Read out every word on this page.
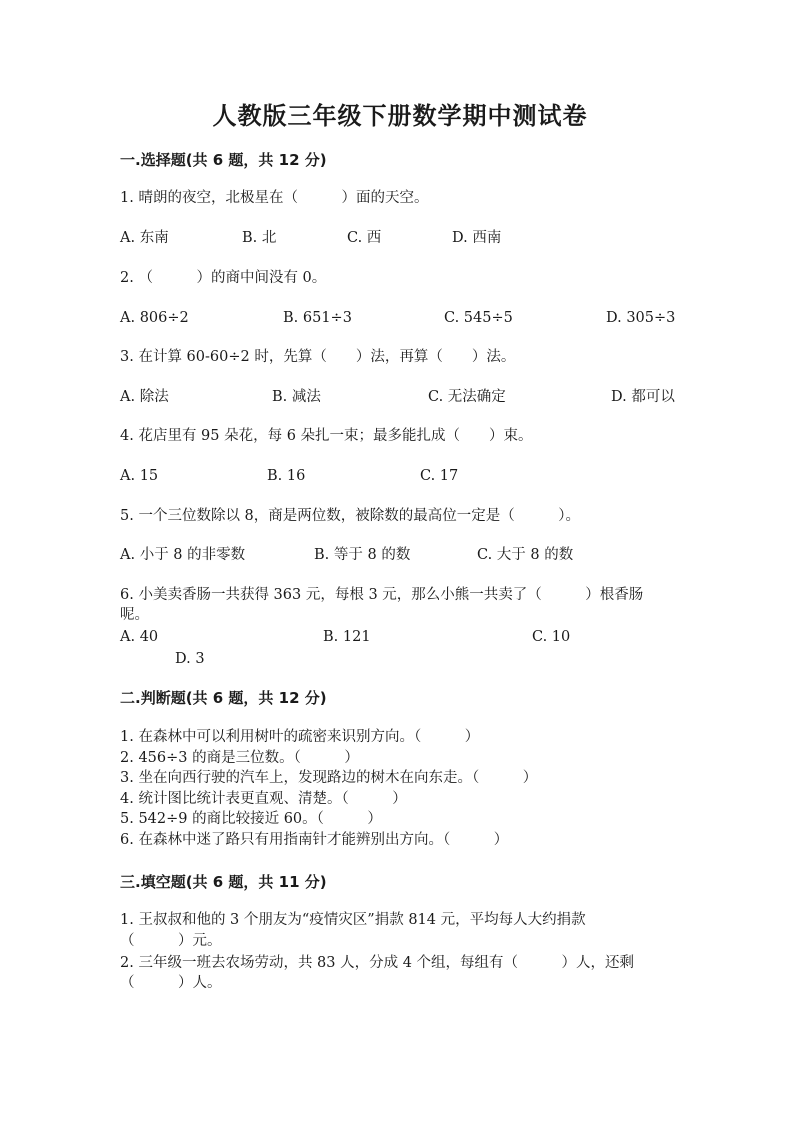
人教版三年级下册数学期中测试卷
一.选择题(共 6 题，共 12 分)
1. 晴朗的夜空，北极星在（　　　）面的天空。
A. 东南	B. 北	C. 西	D. 西南
2. （　　　）的商中间没有 0。
A. 806÷2	B. 651÷3	C. 545÷5	D. 305÷3
3. 在计算 60-60÷2 时，先算（　　）法，再算（　　）法。
A. 除法	B. 减法	C. 无法确定	D. 都可以
4. 花店里有 95 朵花，每 6 朵扎一束；最多能扎成（　　）束。
A. 15	B. 16	C. 17
5. 一个三位数除以 8，商是两位数，被除数的最高位一定是（　　　）。
A. 小于 8 的非零数	B. 等于 8 的数	C. 大于 8 的数
6. 小美卖香肠一共获得 363 元，每根 3 元，那么小熊一共卖了（　　　）根香肠
呢。
A. 40	B. 121	C. 10
D. 3
二.判断题(共 6 题，共 12 分)
1. 在森林中可以利用树叶的疏密来识别方向。（　　　）
2. 456÷3 的商是三位数。（　　　）
3. 坐在向西行驶的汽车上，发现路边的树木在向东走。（　　　）
4. 统计图比统计表更直观、清楚。（　　　）
5. 542÷9 的商比较接近 60。（　　　）
6. 在森林中迷了路只有用指南针才能辨别出方向。（　　　）
三.填空题(共 6 题，共 11 分)
1. 王叔叔和他的 3 个朋友为“疫情灾区”捐款 814 元，平均每人大约捐款
（　　　）元。
2. 三年级一班去农场劳动，共 83 人，分成 4 个组，每组有（　　　）人，还剩
（　　　）人。
